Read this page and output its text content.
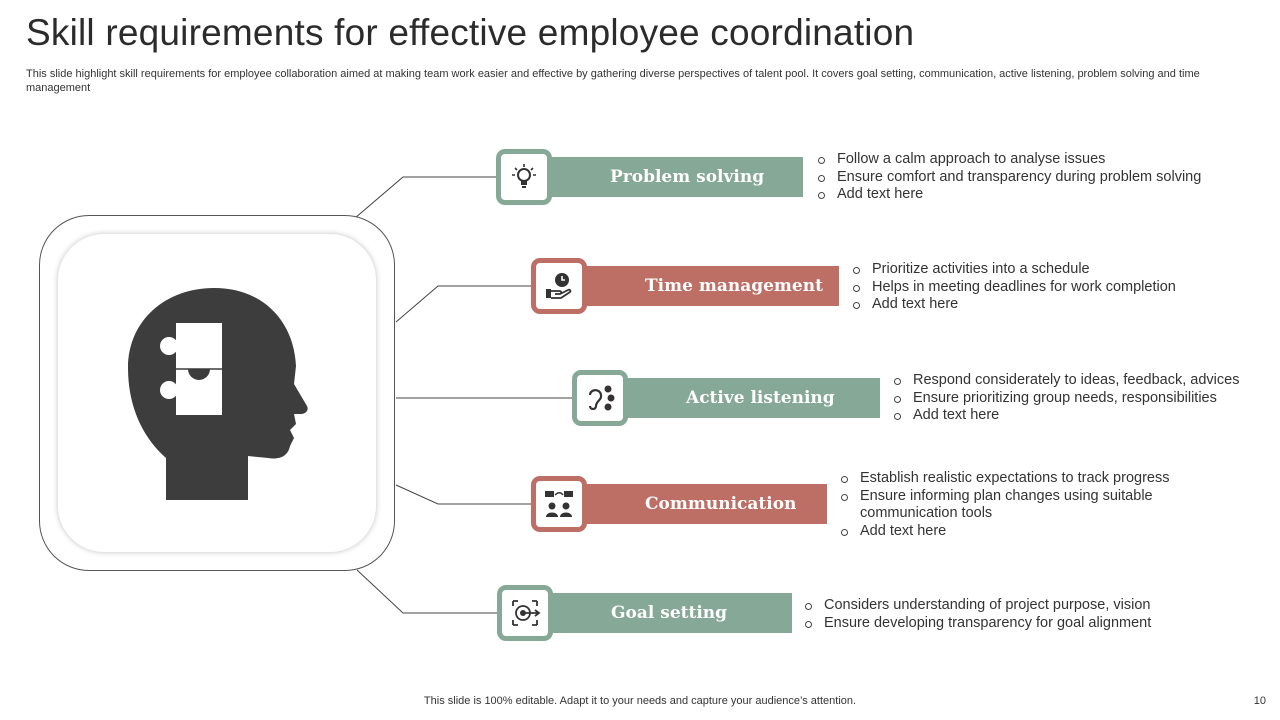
Skill requirements for effective employee coordination
This slide highlight skill requirements for employee collaboration aimed at making team work easier and effective by gathering diverse perspectives of talent pool. It covers goal setting, communication, active listening, problem solving and time management
Problem solving
Follow a calm approach to analyse issues
Ensure comfort and transparency during problem solving
Add text here
Time management
Prioritize activities into a schedule
Helps in meeting deadlines for work completion
Add text here
Active listening
Respond considerately to ideas, feedback, advices
Ensure prioritizing group needs, responsibilities
Add text here
Communication
Establish realistic expectations to track progress
Ensure informing plan changes using suitable communication tools
Add text here
Goal setting	Considers understanding of project purpose, vision
Ensure developing transparency for goal alignment
This slide is 100% editable. Adapt it to your needs and capture your audience’s attention.	10
